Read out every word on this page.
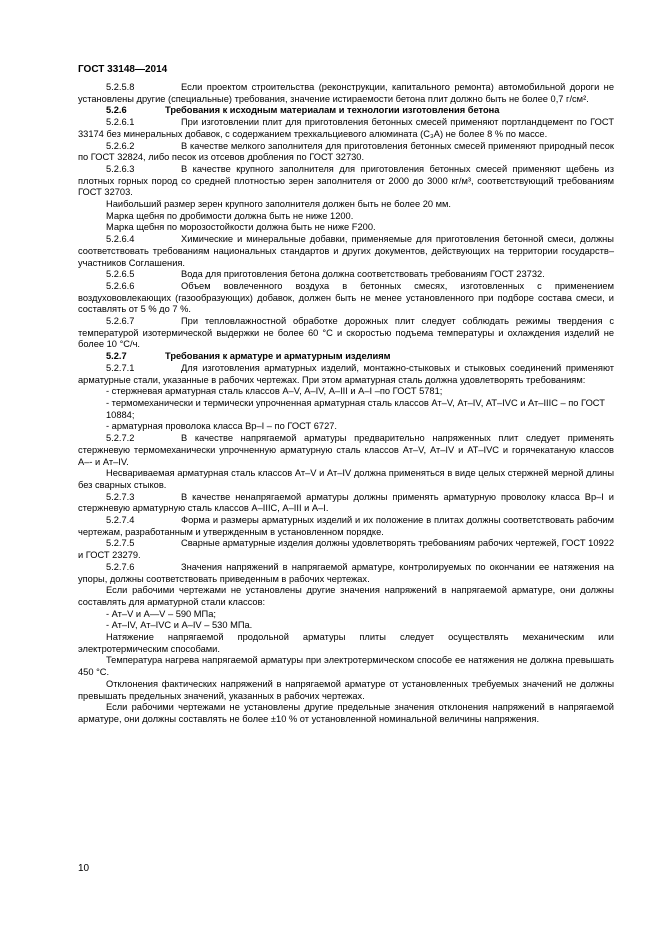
ГОСТ 33148—2014

5.2.5.8	Если проектом строительства (реконструкции, капитального ремонта) автомобильной дороги не установлены другие (специальные) требования, значение истираемости бетона плит должно быть не более 0,7 г/см².

5.2.6	Требования к исходным материалам и технологии изготовления бетона

5.2.6.1	При изготовлении плит для приготовления бетонных смесей применяют портландцемент по ГОСТ 33174 без минеральных добавок, с содержанием трехкальциевого алюмината (С₃А) не более 8 % по массе.

5.2.6.2	В качестве мелкого заполнителя для приготовления бетонных смесей применяют природный песок по ГОСТ 32824, либо песок из отсевов дробления по ГОСТ 32730.

5.2.6.3	В качестве крупного заполнителя для приготовления бетонных смесей применяют щебень из плотных горных пород со средней плотностью зерен заполнителя от 2000 до 3000 кг/м³, соответствующий требованиям ГОСТ 32703.

Наибольший размер зерен крупного заполнителя должен быть не более 20 мм.

Марка щебня по дробимости должна быть не ниже 1200.

Марка щебня по морозостойкости должна быть не ниже F200.

5.2.6.4	Химические и минеральные добавки, применяемые для приготовления бетонной смеси, должны соответствовать требованиям национальных стандартов и других документов, действующих на территории государств–участников Соглашения.

5.2.6.5	Вода для приготовления бетона должна соответствовать требованиям ГОСТ 23732.

5.2.6.6	Объем вовлеченного воздуха в бетонных смесях, изготовленных с применением воздухововлекающих (газообразующих) добавок, должен быть не менее установленного при подборе состава смеси, и составлять от 5 % до 7 %.

5.2.6.7	При тепловлажностной обработке дорожных плит следует соблюдать режимы твердения с температурой изотермической выдержки не более 60 °С и скоростью подъема температуры и охлаждения изделий не более 10 °С/ч.

5.2.7	Требования к арматуре и арматурным изделиям

5.2.7.1	Для изготовления арматурных изделий, монтажно-стыковых и стыковых соединений применяют арматурные стали, указанные в рабочих чертежах. При этом арматурная сталь должна удовлетворять требованиям:

- стержневая арматурная сталь классов А–V, А–IV, А–III и А–I –по ГОСТ 5781;

- термомеханически и термически упрочненная арматурная сталь классов Ат–V, Ат–IV, АТ–IVC и Ат–IIIC – по ГОСТ 10884;

- арматурная проволока класса Вр–I – по ГОСТ 6727.

5.2.7.2	В качестве напрягаемой арматуры предварительно напряженных плит следует применять стержневую термомеханически упрочненную арматурную сталь классов Ат–V, Ат–IV и АТ–IVC и горячекатаную классов А–- и Ат–IV.

Несвариваемая арматурная сталь классов Ат–V и Ат–IV должна применяться в виде целых стержней мерной длины без сварных стыков.

5.2.7.3	В качестве ненапрягаемой арматуры должны применять арматурную проволоку класса Вр–I и стержневую арматурную сталь классов А–IIIC, А–III и А–I.

5.2.7.4	Форма и размеры арматурных изделий и их положение в плитах должны соответствовать рабочим чертежам, разработанным и утвержденным в установленном порядке.

5.2.7.5	Сварные арматурные изделия должны удовлетворять требованиям рабочих чертежей, ГОСТ 10922 и ГОСТ 23279.

5.2.7.6	Значения напряжений в напрягаемой арматуре, контролируемых по окончании ее натяжения на упоры, должны соответствовать приведенным в рабочих чертежах.

Если рабочими чертежами не установлены другие значения напряжений в напрягаемой арматуре, они должны составлять для арматурной стали классов:

- Ат–V и А—V – 590 МПа;

- Ат–IV, Ат–IVC и А–IV – 530 МПа.

Натяжение напрягаемой продольной арматуры плиты следует осуществлять механическим или электротермическим способами.

Температура нагрева напрягаемой арматуры при электротермическом способе ее натяжения не должна превышать 450 °С.

Отклонения фактических напряжений в напрягаемой арматуре от установленных требуемых значений не должны превышать предельных значений, указанных в рабочих чертежах.

Если рабочими чертежами не установлены другие предельные значения отклонения напряжений в напрягаемой арматуре, они должны составлять не более ±10 % от установленной номинальной величины напряжения.

10
